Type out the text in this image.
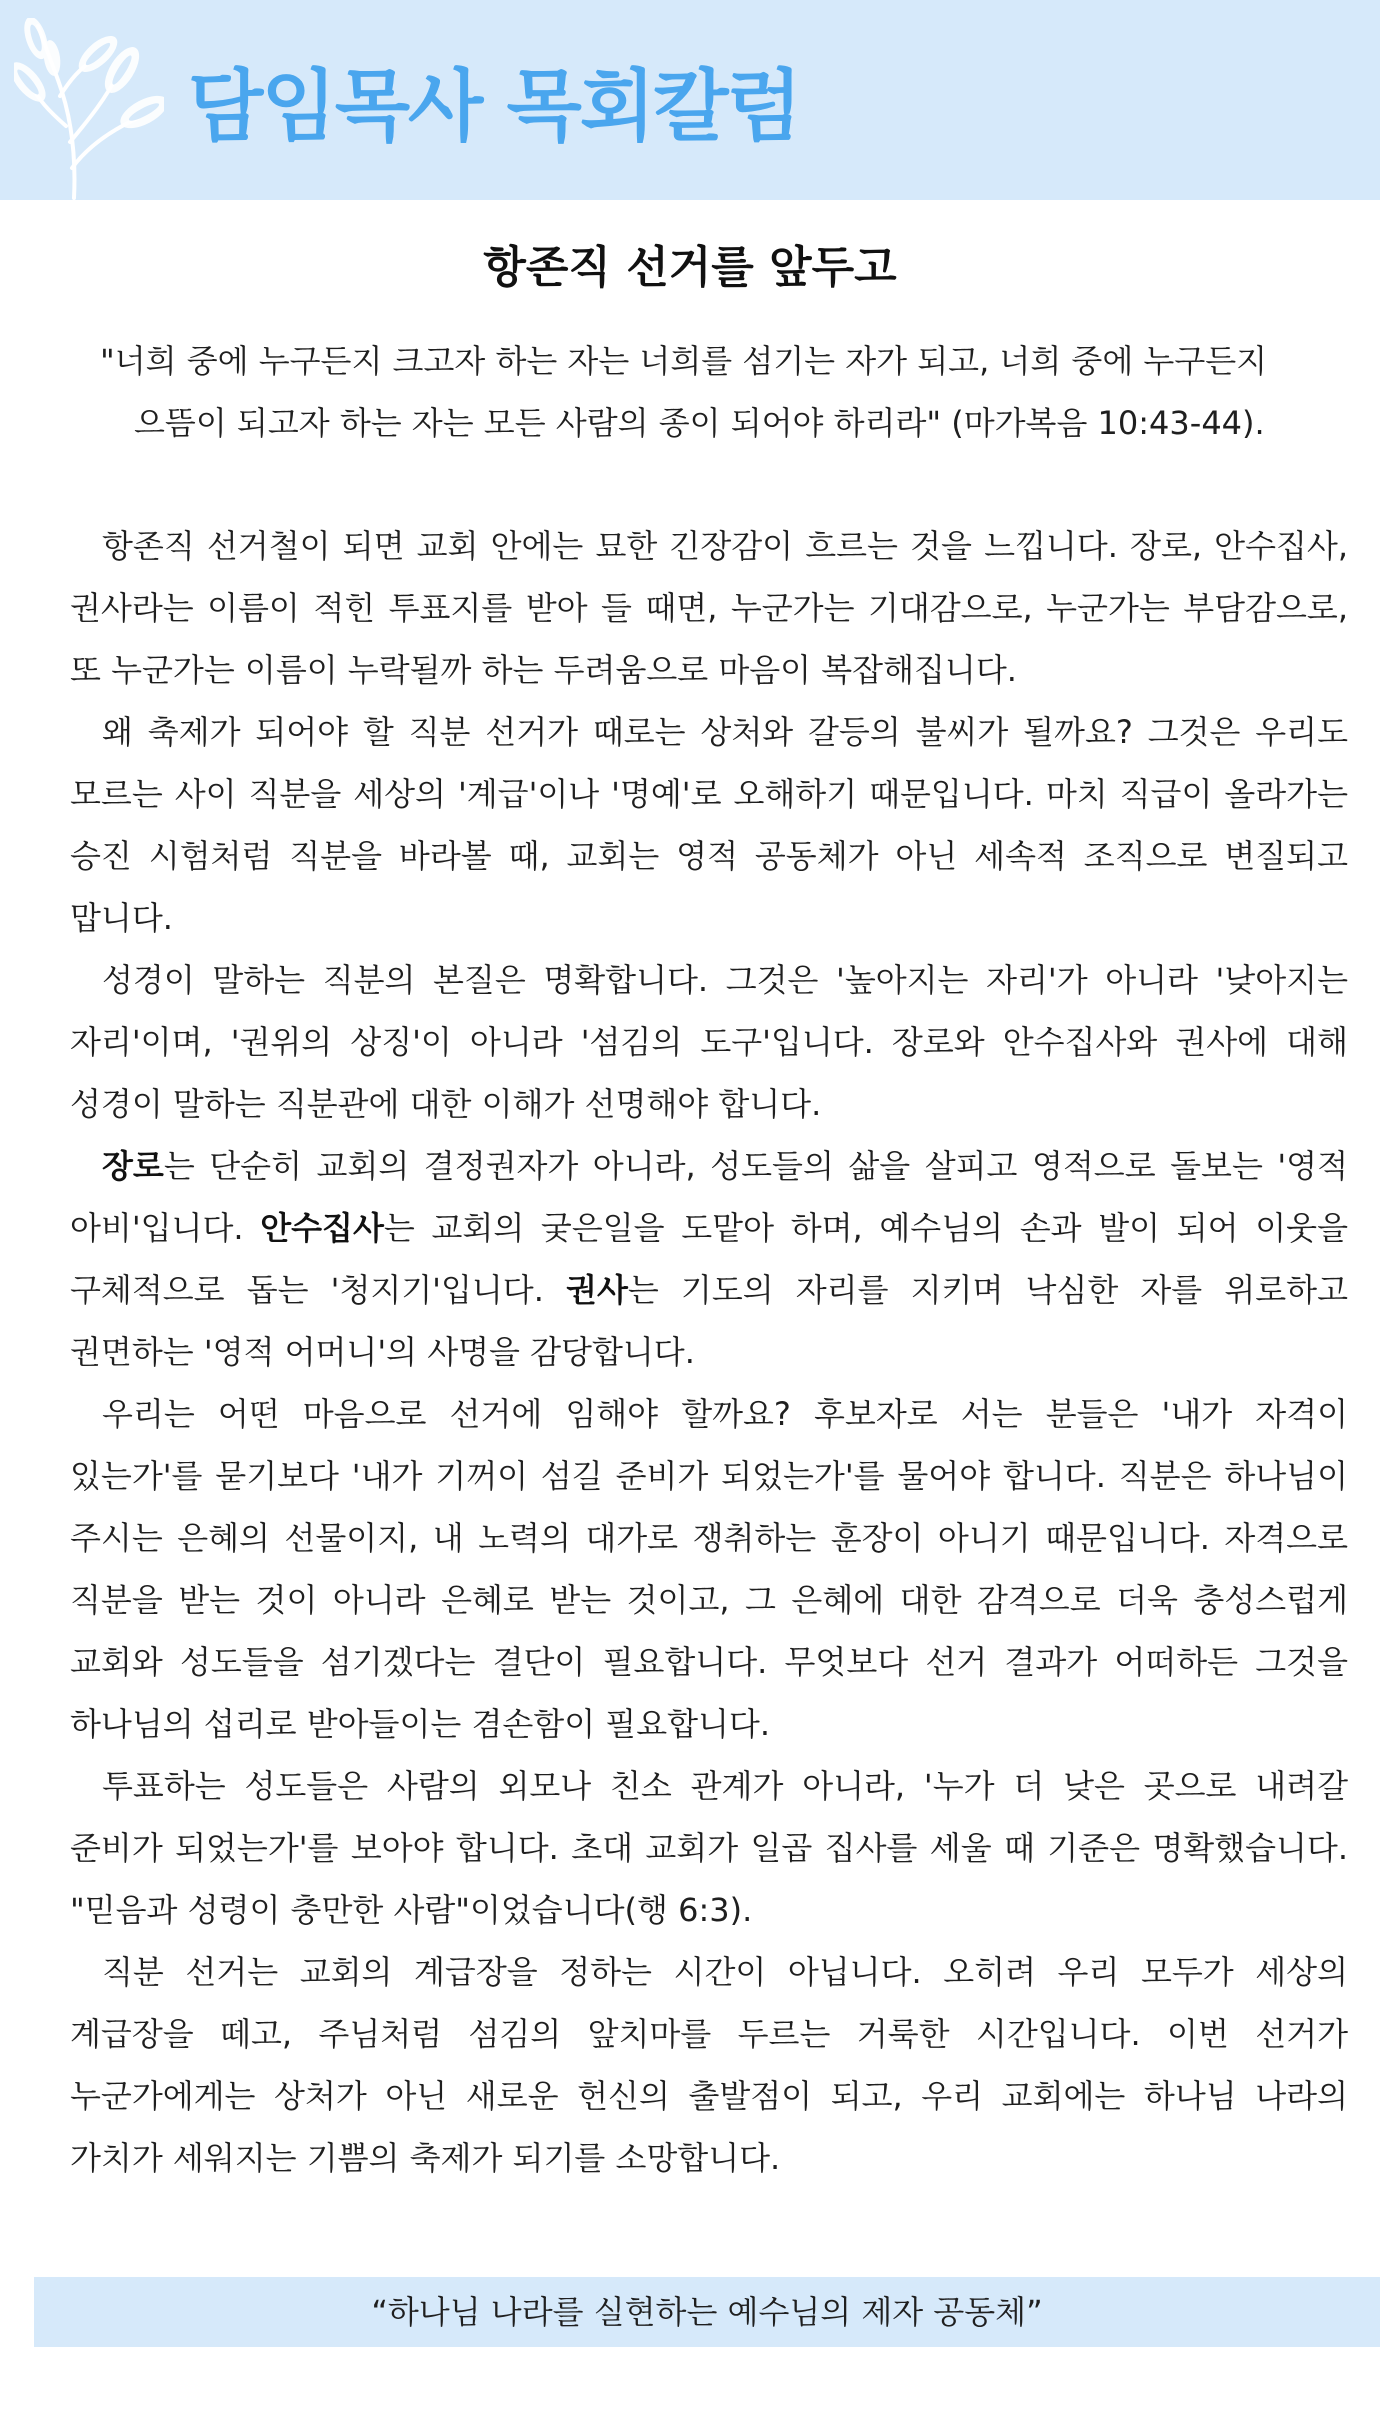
담임목사 목회칼럼
항존직 선거를 앞두고
"너희 중에 누구든지 크고자 하는 자는 너희를 섬기는 자가 되고, 너희 중에 누구든지
으뜸이 되고자 하는 자는 모든 사람의 종이 되어야 하리라" (마가복음 10:43-44).

항존직 선거철이 되면 교회 안에는 묘한 긴장감이 흐르는 것을 느낍니다. 장로, 안수집사, 권사라는 이름이 적힌 투표지를 받아 들 때면, 누군가는 기대감으로, 누군가는 부담감으로, 또 누군가는 이름이 누락될까 하는 두려움으로 마음이 복잡해집니다.

왜 축제가 되어야 할 직분 선거가 때로는 상처와 갈등의 불씨가 될까요? 그것은 우리도 모르는 사이 직분을 세상의 '계급'이나 '명예'로 오해하기 때문입니다. 마치 직급이 올라가는 승진 시험처럼 직분을 바라볼 때, 교회는 영적 공동체가 아닌 세속적 조직으로 변질되고 맙니다.

성경이 말하는 직분의 본질은 명확합니다. 그것은 '높아지는 자리'가 아니라 '낮아지는 자리'이며, '권위의 상징'이 아니라 '섬김의 도구'입니다. 장로와 안수집사와 권사에 대해 성경이 말하는 직분관에 대한 이해가 선명해야 합니다.

장로는 단순히 교회의 결정권자가 아니라, 성도들의 삶을 살피고 영적으로 돌보는 '영적 아비'입니다. 안수집사는 교회의 궂은일을 도맡아 하며, 예수님의 손과 발이 되어 이웃을 구체적으로 돕는 '청지기'입니다. 권사는 기도의 자리를 지키며 낙심한 자를 위로하고 권면하는 '영적 어머니'의 사명을 감당합니다.

우리는 어떤 마음으로 선거에 임해야 할까요? 후보자로 서는 분들은 '내가 자격이 있는가'를 묻기보다 '내가 기꺼이 섬길 준비가 되었는가'를 물어야 합니다. 직분은 하나님이 주시는 은혜의 선물이지, 내 노력의 대가로 쟁취하는 훈장이 아니기 때문입니다. 자격으로 직분을 받는 것이 아니라 은혜로 받는 것이고, 그 은혜에 대한 감격으로 더욱 충성스럽게 교회와 성도들을 섬기겠다는 결단이 필요합니다. 무엇보다 선거 결과가 어떠하든 그것을 하나님의 섭리로 받아들이는 겸손함이 필요합니다.

투표하는 성도들은 사람의 외모나 친소 관계가 아니라, '누가 더 낮은 곳으로 내려갈 준비가 되었는가'를 보아야 합니다. 초대 교회가 일곱 집사를 세울 때 기준은 명확했습니다. "믿음과 성령이 충만한 사람"이었습니다(행 6:3).

직분 선거는 교회의 계급장을 정하는 시간이 아닙니다. 오히려 우리 모두가 세상의 계급장을 떼고, 주님처럼 섬김의 앞치마를 두르는 거룩한 시간입니다. 이번 선거가 누군가에게는 상처가 아닌 새로운 헌신의 출발점이 되고, 우리 교회에는 하나님 나라의 가치가 세워지는 기쁨의 축제가 되기를 소망합니다.

“하나님 나라를 실현하는 예수님의 제자 공동체”
